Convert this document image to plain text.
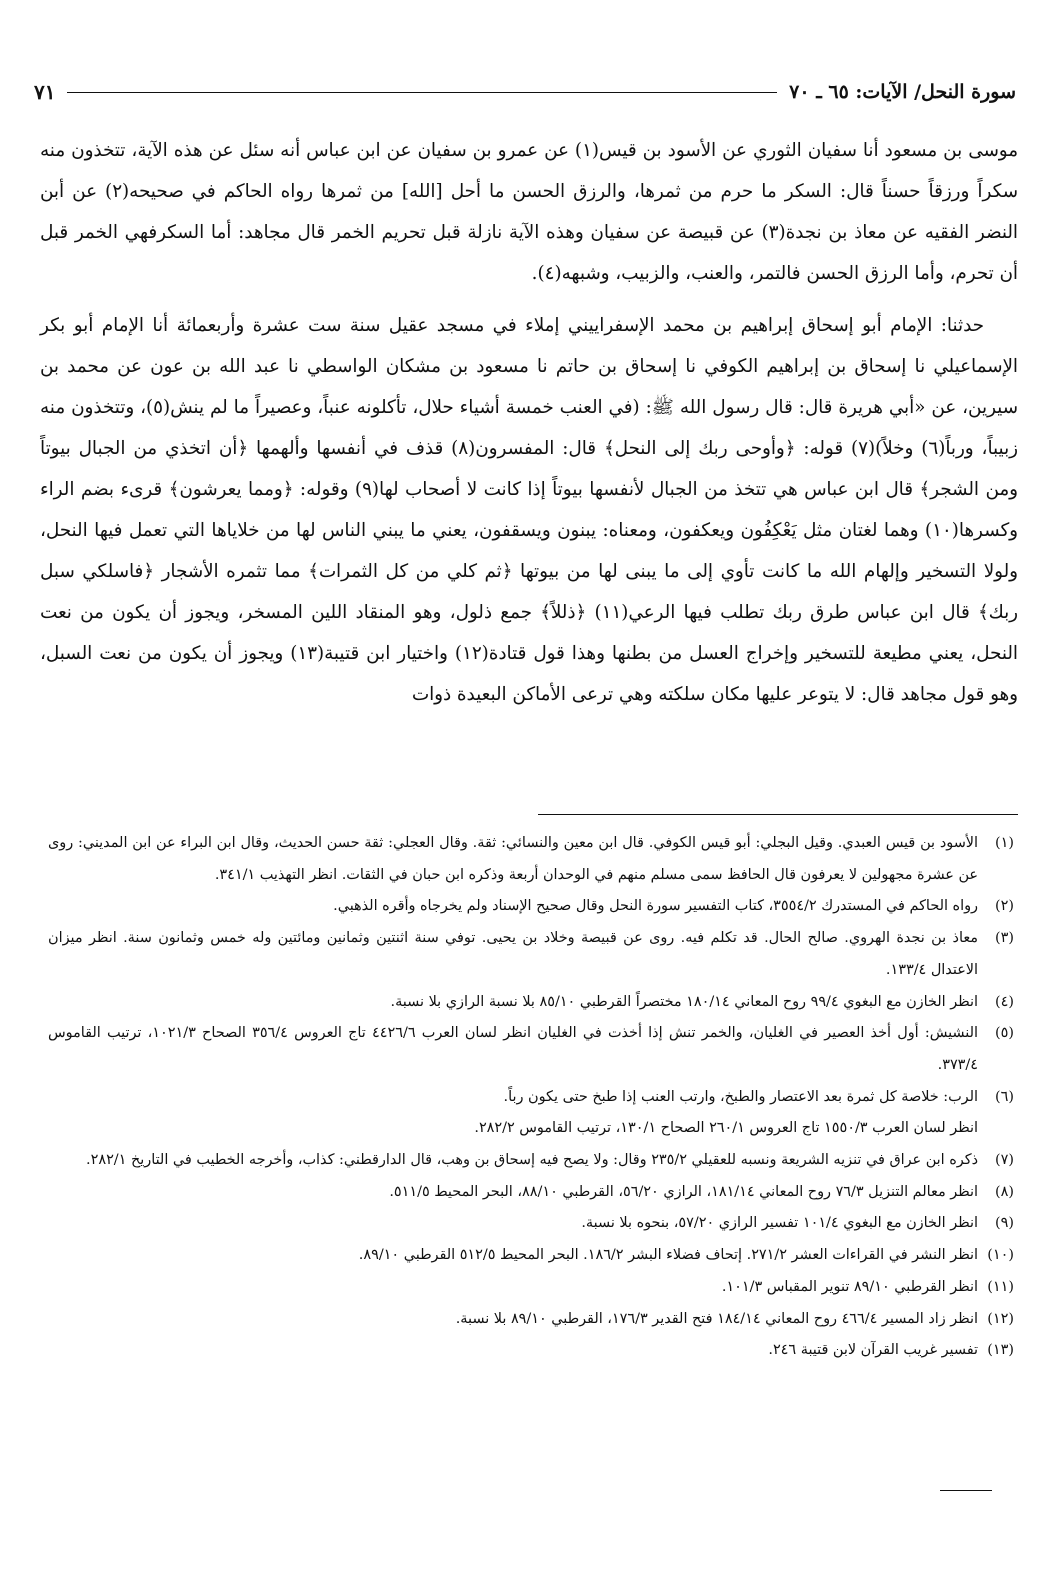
سورة النحل/ الآيات: ٦٥ ـ ٧٠
٧١

موسى بن مسعود أنا سفيان الثوري عن الأسود بن قيس(١) عن عمرو بن سفيان عن ابن عباس أنه سئل عن هذه الآية، تتخذون منه سكراً ورزقاً حسناً قال: السكر ما حرم من ثمرها، والرزق الحسن ما أحل [الله] من ثمرها رواه الحاكم في صحيحه(٢) عن أبن النضر الفقيه عن معاذ بن نجدة(٣) عن قبيصة عن سفيان وهذه الآية نازلة قبل تحريم الخمر قال مجاهد: أما السكرفهي الخمر قبل أن تحرم، وأما الرزق الحسن فالتمر، والعنب، والزبيب، وشبهه(٤).

حدثنا: الإمام أبو إسحاق إبراهيم بن محمد الإسفراييني إملاء في مسجد عقيل سنة ست عشرة وأربعمائة أنا الإمام أبو بكر الإسماعيلي نا إسحاق بن إبراهيم الكوفي نا إسحاق بن حاتم نا مسعود بن مشكان الواسطي نا عبد الله بن عون عن محمد بن سيرين، عن «أبي هريرة قال: قال رسول الله ﷺ: (في العنب خمسة أشياء حلال، تأكلونه عنباً، وعصيراً ما لم ينش(٥)، وتتخذون منه زبيباً، ورباً(٦) وخلاً)(٧) قوله: ﴿وأوحى ربك إلى النحل﴾ قال: المفسرون(٨) قذف في أنفسها وألهمها ﴿أن اتخذي من الجبال بيوتاً ومن الشجر﴾ قال ابن عباس هي تتخذ من الجبال لأنفسها بيوتاً إذا كانت لا أصحاب لها(٩) وقوله: ﴿ومما يعرشون﴾ قرىء بضم الراء وكسرها(١٠) وهما لغتان مثل يَعْكِفُون ويعكفون، ومعناه: يبنون ويسقفون، يعني ما يبني الناس لها من خلاياها التي تعمل فيها النحل، ولولا التسخير وإلهام الله ما كانت تأوي إلى ما يبنى لها من بيوتها ﴿ثم كلي من كل الثمرات﴾ مما تثمره الأشجار ﴿فاسلكي سبل ربك﴾ قال ابن عباس طرق ربك تطلب فيها الرعي(١١) ﴿ذللاً﴾ جمع ذلول، وهو المنقاد اللين المسخر، ويجوز أن يكون من نعت النحل، يعني مطيعة للتسخير وإخراج العسل من بطنها وهذا قول قتادة(١٢) واختيار ابن قتيبة(١٣) ويجوز أن يكون من نعت السبل، وهو قول مجاهد قال: لا يتوعر عليها مكان سلكته وهي ترعى الأماكن البعيدة ذوات

(١)
الأسود بن قيس العبدي. وقيل البجلي: أبو قيس الكوفي. قال ابن معين والنسائي: ثقة. وقال العجلي: ثقة حسن الحديث، وقال ابن البراء عن ابن المديني: روى عن عشرة مجهولين لا يعرفون قال الحافظ سمى مسلم منهم في الوحدان أربعة وذكره ابن حبان في الثقات. انظر التهذيب ٣٤١/١.

(٢)
رواه الحاكم في المستدرك ٣٥٥٤/٢، كتاب التفسير سورة النحل وقال صحيح الإسناد ولم يخرجاه وأقره الذهبي.

(٣)
معاذ بن نجدة الهروي. صالح الحال. قد تكلم فيه. روى عن قبيصة وخلاد بن يحيى. توفي سنة اثنتين وثمانين ومائتين وله خمس وثمانون سنة. انظر ميزان الاعتدال ١٣٣/٤.

(٤)
انظر الخازن مع البغوي ٩٩/٤ روح المعاني ١٨٠/١٤ مختصراً القرطبي ٨٥/١٠ بلا نسبة الرازي بلا نسبة.

(٥)
النشيش: أول أخذ العصير في الغليان، والخمر تنش إذا أخذت في الغليان انظر لسان العرب ٤٤٢٦/٦ تاج العروس ٣٥٦/٤ الصحاح ١٠٢١/٣، ترتيب القاموس ٣٧٣/٤.

(٦)
الرب: خلاصة كل ثمرة بعد الاعتصار والطبخ، وارتب العنب إذا طبخ حتى يكون رباً.

انظر لسان العرب ١٥٥٠/٣ تاج العروس ٢٦٠/١ الصحاح ١٣٠/١، ترتيب القاموس ٢٨٢/٢.

(٧)
ذكره ابن عراق في تنزيه الشريعة ونسبه للعقيلي ٢٣٥/٢ وقال: ولا يصح فيه إسحاق بن وهب، قال الدارقطني: كذاب، وأخرجه الخطيب في التاريخ ٢٨٢/١.

(٨)
انظر معالم التنزيل ٧٦/٣ روح المعاني ١٨١/١٤، الرازي ٥٦/٢٠، القرطبي ٨٨/١٠، البحر المحيط ٥١١/٥.

(٩)
انظر الخازن مع البغوي ١٠١/٤ تفسير الرازي ٥٧/٢٠، بنحوه بلا نسبة.

(١٠)
انظر النشر في القراءات العشر ٢٧١/٢. إتحاف فضلاء البشر ١٨٦/٢. البحر المحيط ٥١٢/٥ القرطبي ٨٩/١٠.

(١١)
انظر القرطبي ٨٩/١٠ تنوير المقباس ١٠١/٣.

(١٢)
انظر زاد المسير ٤٦٦/٤ روح المعاني ١٨٤/١٤ فتح القدير ١٧٦/٣، القرطبي ٨٩/١٠ بلا نسبة.

(١٣)
تفسير غريب القرآن لابن قتيبة ٢٤٦.
